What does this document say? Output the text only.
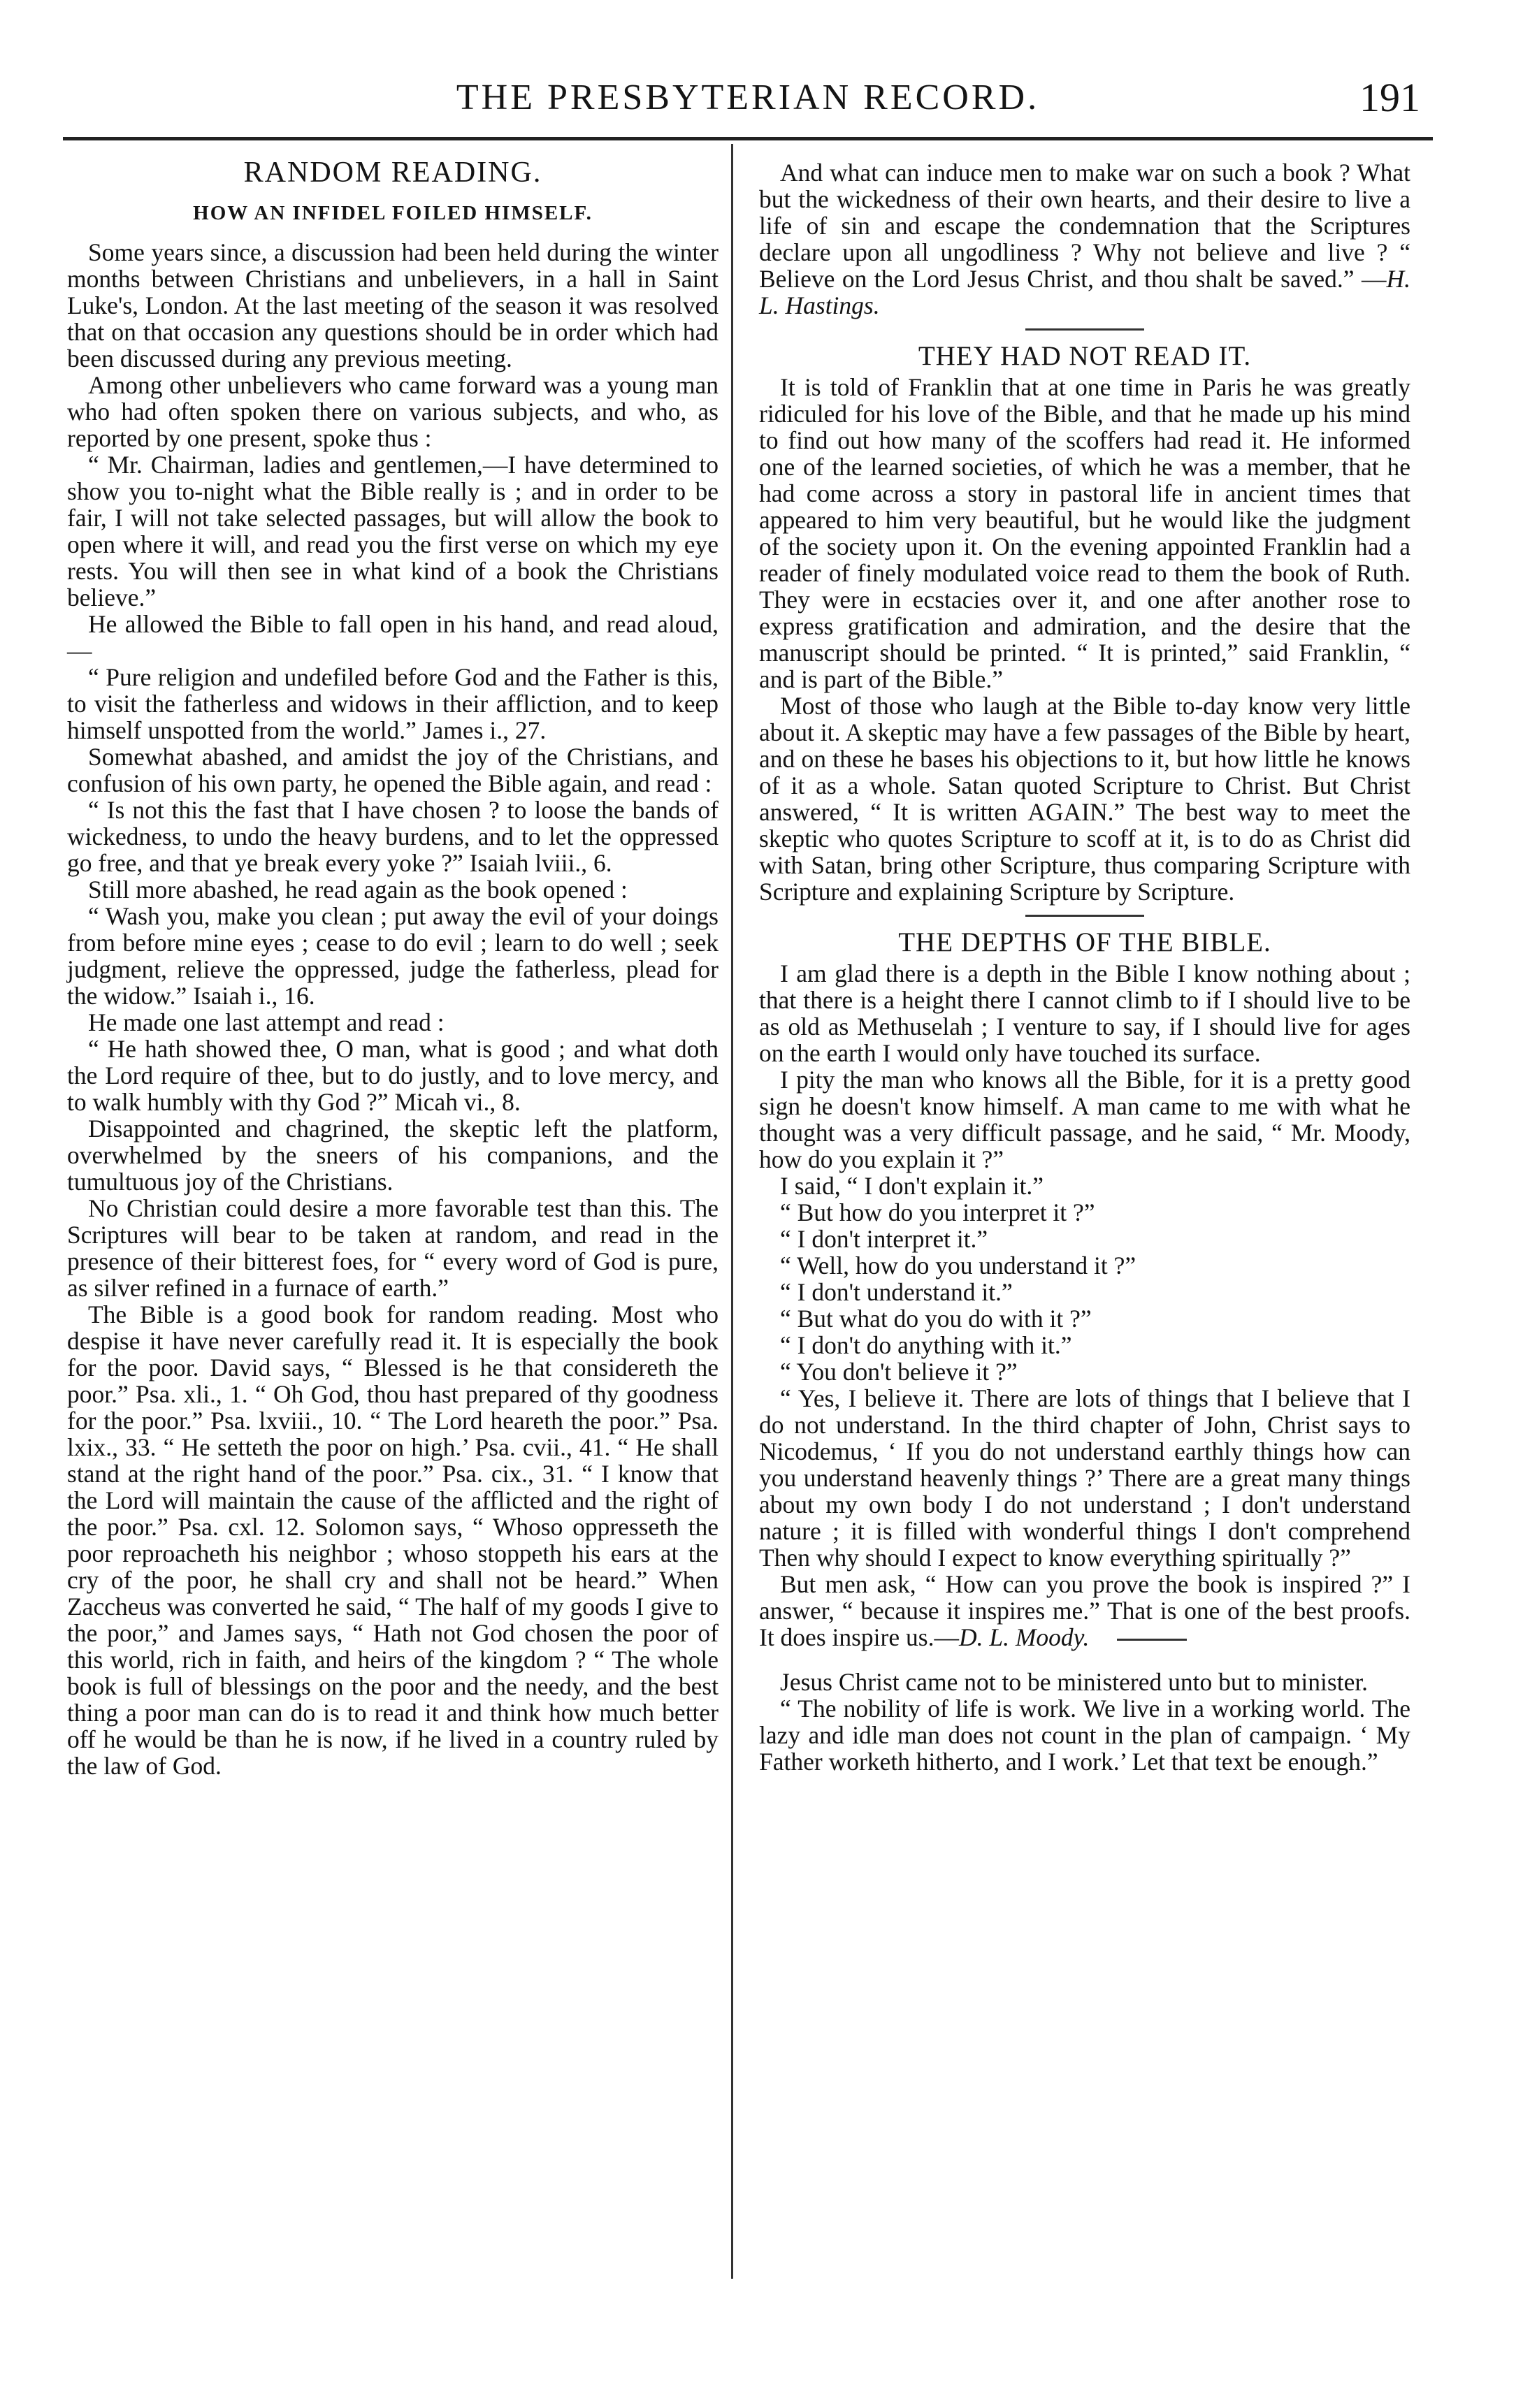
THE PRESBYTERIAN RECORD.	191
RANDOM READING.
HOW AN INFIDEL FOILED HIMSELF.

Some years since, a discussion had been held during the winter months between Christians and unbelievers, in a hall in Saint Luke's, London. At the last meeting of the season it was resolved that on that occasion any questions should be in order which had been discussed during any previous meeting.

Among other unbelievers who came forward was a young man who had often spoken there on various subjects, and who, as reported by one present, spoke thus :

“ Mr. Chairman, ladies and gentlemen,—I have determined to show you to-night what the Bible really is ; and in order to be fair, I will not take selected passages, but will allow the book to open where it will, and read you the first verse on which my eye rests. You will then see in what kind of a book the Christians believe.”

He allowed the Bible to fall open in his hand, and read aloud,—

“ Pure religion and undefiled before God and the Father is this, to visit the fatherless and widows in their affliction, and to keep himself unspotted from the world.” James i., 27.

Somewhat abashed, and amidst the joy of the Christians, and confusion of his own party, he opened the Bible again, and read :

“ Is not this the fast that I have chosen ? to loose the bands of wickedness, to undo the heavy burdens, and to let the oppressed go free, and that ye break every yoke ?” Isaiah lviii., 6.

Still more abashed, he read again as the book opened :

“ Wash you, make you clean ; put away the evil of your doings from before mine eyes ; cease to do evil ; learn to do well ; seek judgment, relieve the oppressed, judge the fatherless, plead for the widow.” Isaiah i., 16.

He made one last attempt and read :

“ He hath showed thee, O man, what is good ; and what doth the Lord require of thee, but to do justly, and to love mercy, and to walk humbly with thy God ?” Micah vi., 8.

Disappointed and chagrined, the skeptic left the platform, overwhelmed by the sneers of his companions, and the tumultuous joy of the Christians.

No Christian could desire a more favorable test than this. The Scriptures will bear to be taken at random, and read in the presence of their bitterest foes, for “ every word of God is pure, as silver refined in a furnace of earth.”

The Bible is a good book for random reading. Most who despise it have never carefully read it. It is especially the book for the poor. David says, “ Blessed is he that considereth the poor.” Psa. xli., 1. “ Oh God, thou hast prepared of thy goodness for the poor.” Psa. lxviii., 10. “ The Lord heareth the poor.” Psa. lxix., 33. “ He setteth the poor on high.’ Psa. cvii., 41. “ He shall stand at the right hand of the poor.” Psa. cix., 31. “ I know that the Lord will maintain the cause of the afflicted and the right of the poor.” Psa. cxl. 12. Solomon says, “ Whoso oppresseth the poor reproacheth his neighbor ; whoso stoppeth his ears at the cry of the poor, he shall cry and shall not be heard.” When Zaccheus was converted he said, “ The half of my goods I give to the poor,” and James says, “ Hath not God chosen the poor of this world, rich in faith, and heirs of the kingdom ? “ The whole book is full of blessings on the poor and the needy, and the best thing a poor man can do is to read it and think how much better off he would be than he is now, if he lived in a country ruled by the law of God.

And what can induce men to make war on such a book ? What but the wickedness of their own hearts, and their desire to live a life of sin and escape the condemnation that the Scriptures declare upon all ungodliness ? Why not believe and live ? “ Believe on the Lord Jesus Christ, and thou shalt be saved.” —H. L. Hastings.

THEY HAD NOT READ IT.

It is told of Franklin that at one time in Paris he was greatly ridiculed for his love of the Bible, and that he made up his mind to find out how many of the scoffers had read it. He informed one of the learned societies, of which he was a member, that he had come across a story in pastoral life in ancient times that appeared to him very beautiful, but he would like the judgment of the society upon it. On the evening appointed Franklin had a reader of finely modulated voice read to them the book of Ruth. They were in ecstacies over it, and one after another rose to express gratification and admiration, and the desire that the manuscript should be printed. “ It is printed,” said Franklin, “ and is part of the Bible.”

Most of those who laugh at the Bible to-day know very little about it. A skeptic may have a few passages of the Bible by heart, and on these he bases his objections to it, but how little he knows of it as a whole. Satan quoted Scripture to Christ. But Christ answered, “ It is written AGAIN.” The best way to meet the skeptic who quotes Scripture to scoff at it, is to do as Christ did with Satan, bring other Scripture, thus comparing Scripture with Scripture and explaining Scripture by Scripture.

THE DEPTHS OF THE BIBLE.

I am glad there is a depth in the Bible I know nothing about ; that there is a height there I cannot climb to if I should live to be as old as Methuselah ; I venture to say, if I should live for ages on the earth I would only have touched its surface.

I pity the man who knows all the Bible, for it is a pretty good sign he doesn't know himself. A man came to me with what he thought was a very difficult passage, and he said, “ Mr. Moody, how do you explain it ?”

I said, “ I don't explain it.”

“ But how do you interpret it ?”

“ I don't interpret it.”

“ Well, how do you understand it ?”

“ I don't understand it.”

“ But what do you do with it ?”

“ I don't do anything with it.”

“ You don't believe it ?”

“ Yes, I believe it. There are lots of things that I believe that I do not understand. In the third chapter of John, Christ says to Nicodemus, ‘ If you do not understand earthly things how can you understand heavenly things ?’ There are a great many things about my own body I do not understand ; I don't understand nature ; it is filled with wonderful things I don't comprehend Then why should I expect to know everything spiritually ?”

But men ask, “ How can you prove the book is inspired ?” I answer, “ because it inspires me.” That is one of the best proofs. It does inspire us.—D. L. Moody.

Jesus Christ came not to be ministered unto but to minister.

“ The nobility of life is work. We live in a working world. The lazy and idle man does not count in the plan of campaign. ‘ My Father worketh hitherto, and I work.’ Let that text be enough.”
